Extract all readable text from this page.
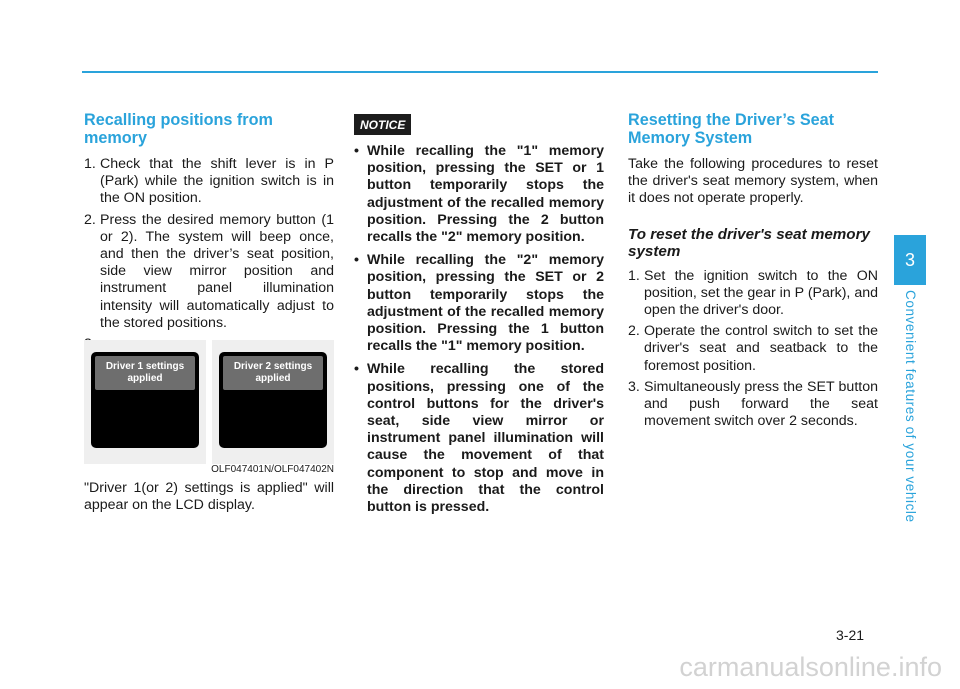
Recalling positions from memory
1. Check that the shift lever is in P (Park) while the ignition switch is in the ON position.
2. Press the desired memory button (1 or 2). The system will beep once, and then the driver’s seat position, side view mirror position and instrument panel illumination intensity will automatically adjust to the stored positions.
Driver 1 settings applied
Driver 2 settings applied
OLF047401N/OLF047402N

"Driver 1(or 2) settings is applied" will appear on the LCD display.

NOTICE
• While recalling the "1" memory position, pressing the SET or 1 button temporarily stops the adjustment of the recalled memory position. Pressing the 2 button recalls the "2" memory position.
• While recalling the "2" memory position, pressing the SET or 2 button temporarily stops the adjustment of the recalled memory position. Pressing the 1 button recalls the "1" memory position.
• While recalling the stored positions, pressing one of the control buttons for the driver's seat, side view mirror or instrument panel illumination will cause the movement of that component to stop and move in the direction that the control button is pressed.
Resetting the Driver’s Seat Memory System

Take the following procedures to reset the driver's seat memory system, when it does not operate properly.

To reset the driver's seat memory system
1. Set the ignition switch to the ON position, set the gear in P (Park), and open the driver's door.
2. Operate the control switch to set the driver's seat and seatback to the foremost position.
3. Simultaneously press the SET button and push forward the seat movement switch over 2 seconds.
3
Convenient features of your vehicle
3-21
carmanualsonline.info
